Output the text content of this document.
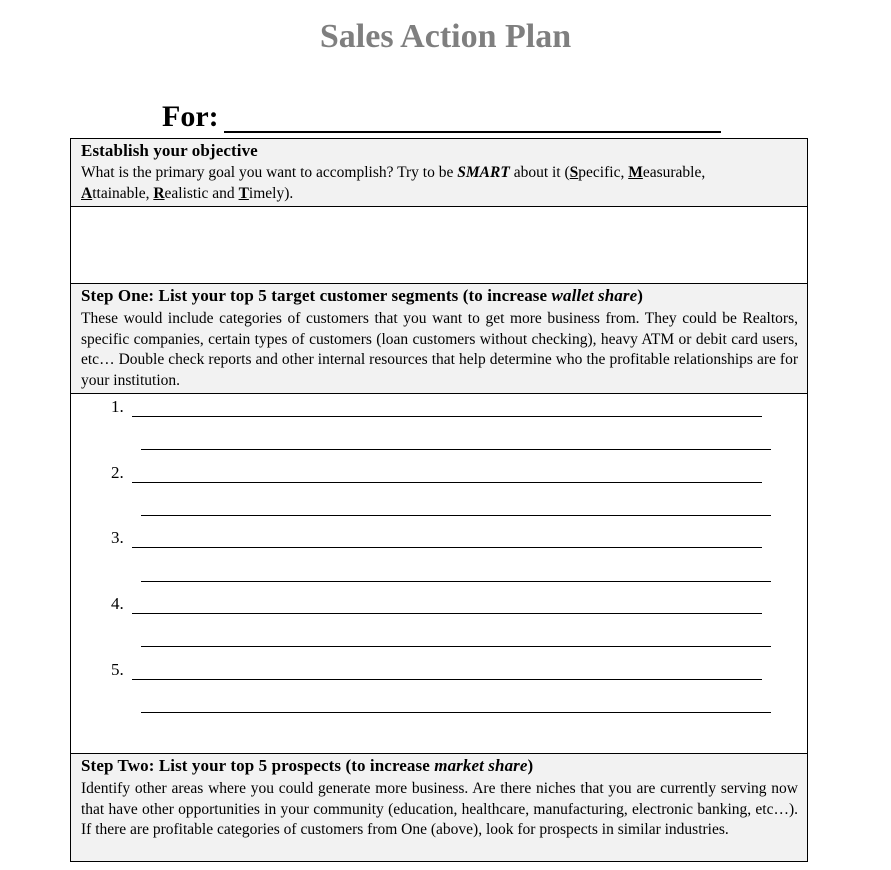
Sales Action Plan
For:
Establish your objective
What is the primary goal you want to accomplish? Try to be SMART about it (Specific, Measurable,
Attainable, Realistic and Timely).
Step One: List your top 5 target customer segments (to increase wallet share)
These would include categories of customers that you want to get more business from. They could be Realtors, specific companies, certain types of customers (loan customers without checking), heavy ATM or debit card users, etc… Double check reports and other internal resources that help determine who the profitable relationships are for your institution.
1.
2.
3.
4.
5.
Step Two: List your top 5 prospects (to increase market share)
Identify other areas where you could generate more business. Are there niches that you are currently serving now that have other opportunities in your community (education, healthcare, manufacturing, electronic banking, etc…). If there are profitable categories of customers from One (above), look for prospects in similar industries.
